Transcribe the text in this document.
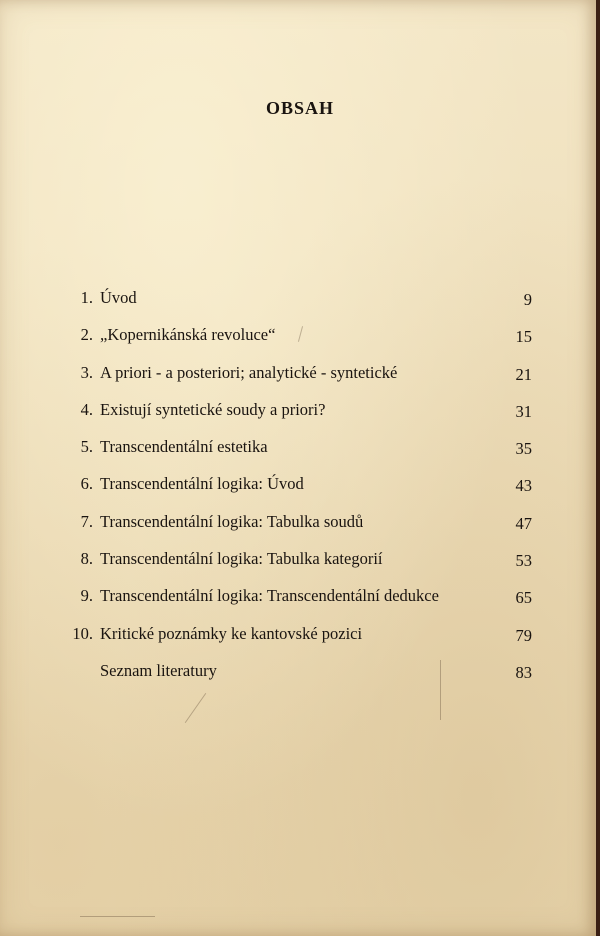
OBSAH
1. Úvod	9
2. „Kopernikánská revoluce“	15
3. A priori - a posteriori; analytické - syntetické	21
4. Existují syntetické soudy a priori?	31
5. Transcendentální estetika	35
6. Transcendentální logika: Úvod	43
7. Transcendentální logika: Tabulka soudů	47
8. Transcendentální logika: Tabulka kategorií	53
9. Transcendentální logika: Transcendentální dedukce	65
10. Kritické poznámky ke kantovské pozici	79
Seznam literatury	83
